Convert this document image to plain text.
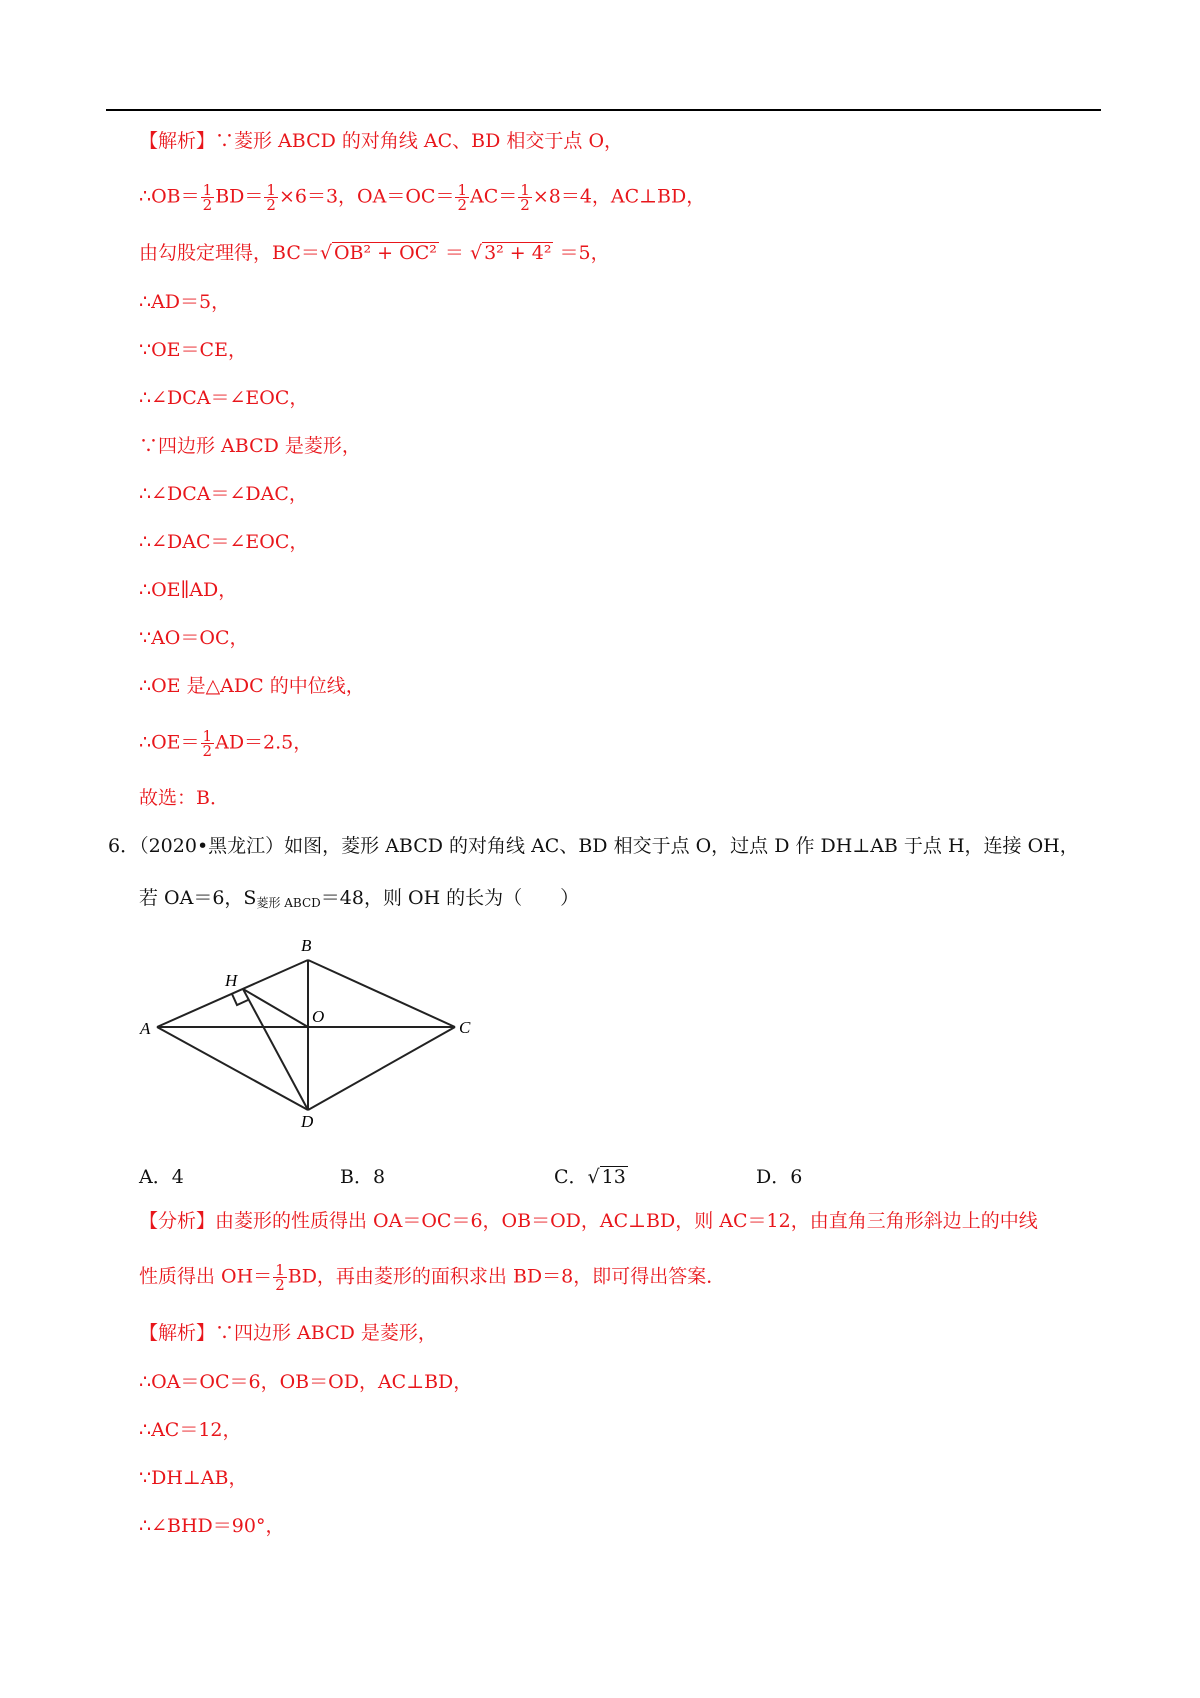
【解析】∵菱形 ABCD 的对角线 AC、BD 相交于点 O，
∴OB＝ $\frac{1}{2} BD= \frac{1}{2} \times 6=3$，$OA=OC= \frac{1}{2} AC= \frac{1}{2} \times 8=4$，AC⊥BD，
由勾股定理得，BC＝√ OB² + OC² ＝ √ 3² + 4² ＝5，
∴AD＝5，
∵OE＝CE，
∴∠DCA＝∠EOC，
∵四边形 ABCD 是菱形，
∴∠DCA＝∠DAC，
∴∠DAC＝∠EOC，
∴OE∥AD，
∵AO＝OC，
∴OE 是△ADC 的中位线，
∴OE＝ $\frac{1}{2} AD=2.5$，
故选：B．
6．（2020•黑龙江）如图，菱形 ABCD 的对角线 AC、BD 相交于点 O，过点 D 作 DH⊥AB 于点 H，连接 OH，
若 OA＝6，$S_{菱形 ABCD}=48$，则 OH 的长为（　　）
A
B
C
D
H
O
A．4	B．8	C．√ 13	D．6
【分析】由菱形的性质得出 OA＝OC＝6，OB＝OD，AC⊥BD，则 AC＝12，由直角三角形斜边上的中线
性质得出 $OH= \frac{1}{2}$ BD，再由菱形的面积求出 BD＝8，即可得出答案．
【解析】∵四边形 ABCD 是菱形，
∴OA＝OC＝6，OB＝OD，AC⊥BD，
∴AC＝12，
∵DH⊥AB，
∴∠BHD＝90°，
